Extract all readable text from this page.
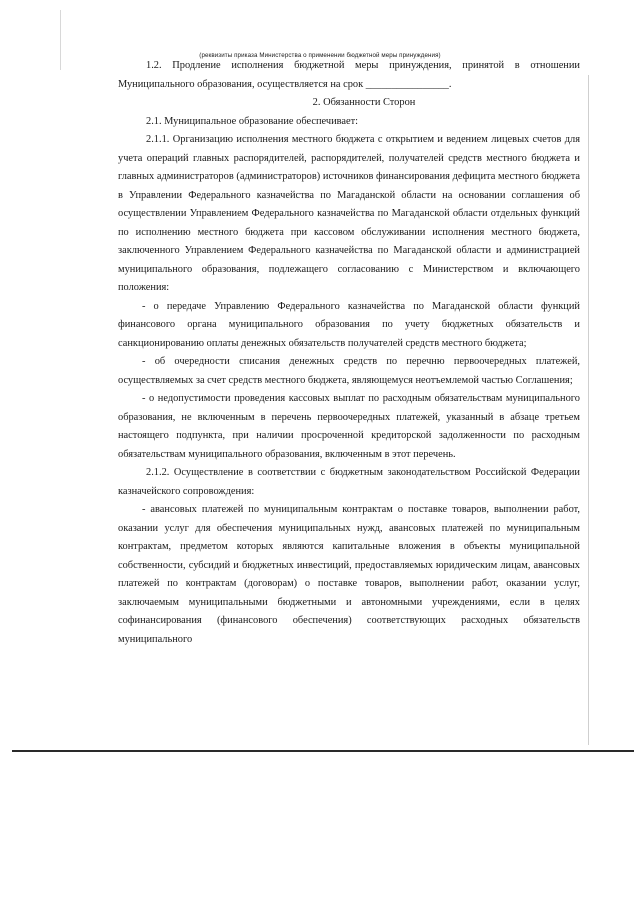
(реквизиты приказа Министерства о применении бюджетной меры принуждения)

1.2. Продление исполнения бюджетной меры принуждения, принятой в отношении Муниципального образования, осуществляется на срок ________________.

2. Обязанности Сторон

2.1. Муниципальное образование обеспечивает:

2.1.1. Организацию исполнения местного бюджета с открытием и ведением лицевых счетов для учета операций главных распорядителей, распорядителей, получателей средств местного бюджета и главных администраторов (администраторов) источников финансирования дефицита местного бюджета в Управлении Федерального казначейства по Магаданской области на основании соглашения об осуществлении Управлением Федерального казначейства по Магаданской области отдельных функций по исполнению местного бюджета при кассовом обслуживании исполнения местного бюджета, заключенного Управлением Федерального казначейства по Магаданской области и администрацией муниципального образования, подлежащего согласованию с Министерством и включающего положения:

- о передаче Управлению Федерального казначейства по Магаданской области функций финансового органа муниципального образования по учету бюджетных обязательств и санкционированию оплаты денежных обязательств получателей средств местного бюджета;

- об очередности списания денежных средств по перечню первоочередных платежей, осуществляемых за счет средств местного бюджета, являющемуся неотъемлемой частью Соглашения;

- о недопустимости проведения кассовых выплат по расходным обязательствам муниципального образования, не включенным в перечень первоочередных платежей, указанный в абзаце третьем настоящего подпункта, при наличии просроченной кредиторской задолженности по расходным обязательствам муниципального образования, включенным в этот перечень.

2.1.2. Осуществление в соответствии с бюджетным законодательством Российской Федерации казначейского сопровождения:

- авансовых платежей по муниципальным контрактам о поставке товаров, выполнении работ, оказании услуг для обеспечения муниципальных нужд, авансовых платежей по муниципальным контрактам, предметом которых являются капитальные вложения в объекты муниципальной собственности, субсидий и бюджетных инвестиций, предоставляемых юридическим лицам, авансовых платежей по контрактам (договорам) о поставке товаров, выполнении работ, оказании услуг, заключаемым муниципальными бюджетными и автономными учреждениями, если в целях софинансирования (финансового обеспечения) соответствующих расходных обязательств муниципального
